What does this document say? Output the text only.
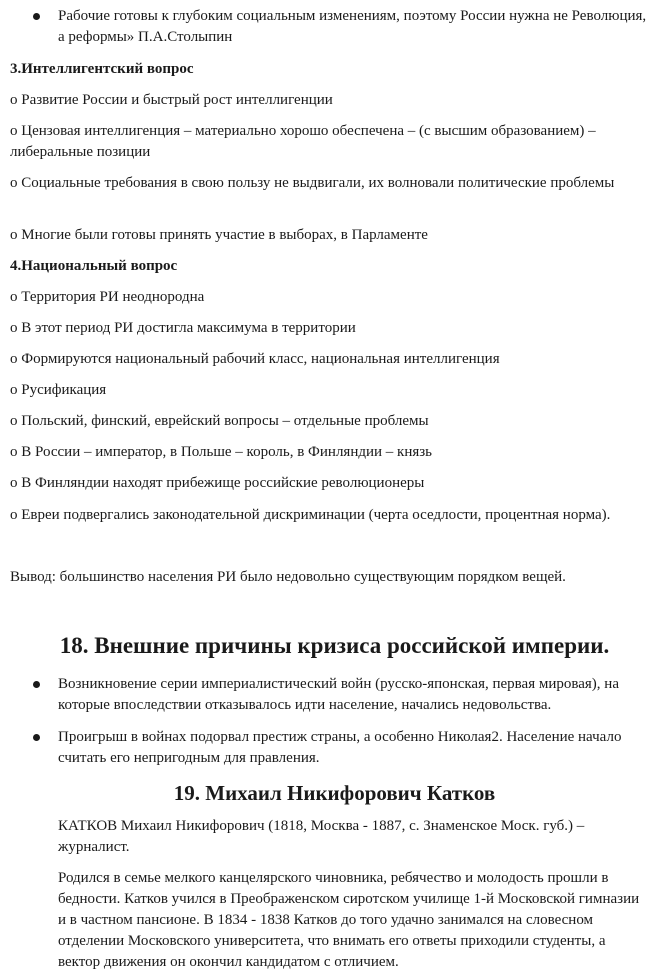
Рабочие готовы к глубоким социальным изменениям, поэтому России нужна не Революция, а реформы» П.А.Столыпин

3.Интеллигентский вопрос

o Развитие России и быстрый рост интеллигенции

o Цензовая интеллигенция – материально хорошо обеспечена – (с высшим образованием) – либеральные позиции

o Социальные требования в свою пользу не выдвигали, их волновали политические проблемы

o Многие были готовы принять участие в выборах, в Парламенте

4.Национальный вопрос

o Территория РИ неоднородна

o В этот период РИ достигла максимума в территории

o Формируются национальный рабочий класс, национальная интеллигенция

o Русификация

o Польский, финский, еврейский вопросы – отдельные проблемы

o В России – император, в Польше – король, в Финляндии – князь

o В Финляндии находят прибежище российские революционеры

o Евреи подвергались законодательной дискриминации (черта оседлости, процентная норма).

Вывод: большинство населения РИ было недовольно существующим порядком вещей.

18. Внешние причины кризиса российской империи.

Возникновение серии империалистический войн (русско-японская, первая мировая), на которые впоследствии отказывалось идти население, начались недовольства.

Проигрыш в войнах подорвал престиж страны, а особенно Николая2. Население начало считать его непригодным для правления.

19. Михаил Никифорович Катков

КАТКОВ Михаил Никифорович (1818, Москва - 1887, с. Знаменское Моск. губ.) – журналист.

Родился в семье мелкого канцелярского чиновника, ребячество и молодость прошли в бедности. Катков учился в Преображенском сиротском училище 1-й Московской гимназии и в частном пансионе. В 1834 - 1838 Катков до того удачно занимался на словесном отделении Московского университета, что внимать его ответы приходили студенты, а вектор движения он окончил кандидатом с отличием.
